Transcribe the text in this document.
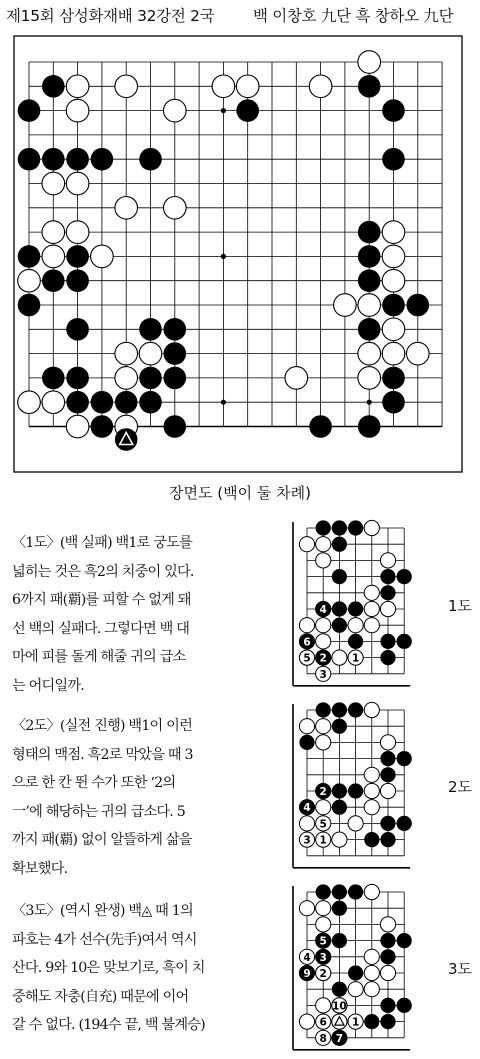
제15회 삼성화재배 32강전 2국 백 이창호 九단 흑 창하오 九단
4
6
5 2 1
3
2
4
5
3 1
5
4 3
9 2
10
6 1
8 7
장면도 (백이 둘 차례)
〈1도〉(백 실패) 백1로 궁도를
넓히는 것은 흑2의 치중이 있다.
6까지 패(覇)를 피할 수 없게 돼
선 백의 실패다. 그렇다면 백 대
마에 피를 돌게 해줄 귀의 급소
는 어디일까.
〈2도〉(실전 진행) 백1이 이런
형태의 맥점. 흑2로 막았을 때 3
으로 한 칸 뛴 수가 또한 ‘2의
一’에 해당하는 귀의 급소다. 5
까지 패(覇) 없이 알뜰하게 삶을
확보했다.
〈3도〉(역시 완생) 백◬ 때 1의
파호는 4가 선수(先手)여서 역시
산다. 9와 10은 맞보기로, 흑이 치
중해도 자충(自充) 때문에 이어
갈 수 없다. (194수 끝, 백 불계승)
1도
2도
3도
